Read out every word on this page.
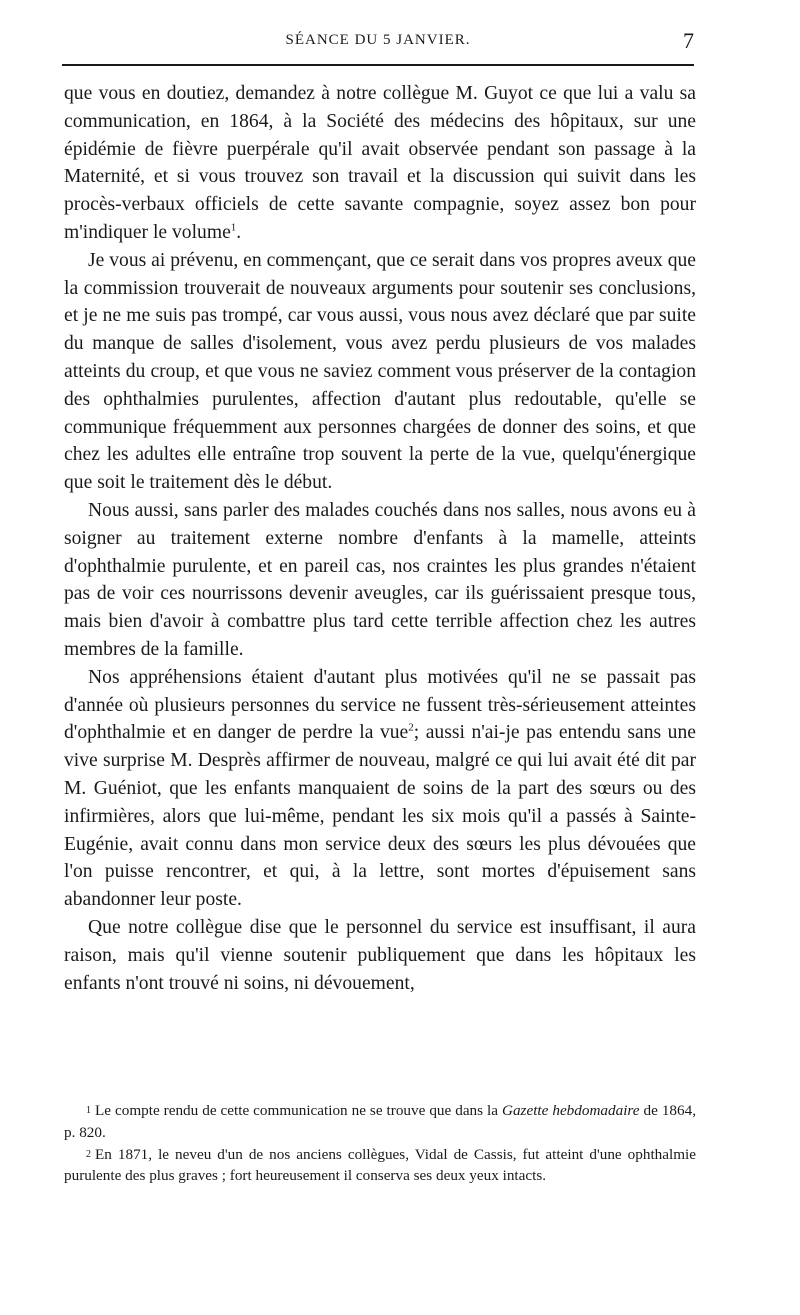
SÉANCE DU 5 JANVIER.	7

que vous en doutiez, demandez à notre collègue M. Guyot ce que lui a valu sa communication, en 1864, à la Société des médecins des hôpitaux, sur une épidémie de fièvre puerpérale qu'il avait observée pendant son passage à la Maternité, et si vous trouvez son travail et la discussion qui suivit dans les procès-verbaux officiels de cette savante compagnie, soyez assez bon pour m'indiquer le volume$^1$.

Je vous ai prévenu, en commençant, que ce serait dans vos propres aveux que la commission trouverait de nouveaux arguments pour soutenir ses conclusions, et je ne me suis pas trompé, car vous aussi, vous nous avez déclaré que par suite du manque de salles d'isolement, vous avez perdu plusieurs de vos malades atteints du croup, et que vous ne saviez comment vous préserver de la contagion des ophthalmies purulentes, affection d'autant plus redoutable, qu'elle se communique fréquemment aux personnes chargées de donner des soins, et que chez les adultes elle entraîne trop souvent la perte de la vue, quelqu'énergique que soit le traitement dès le début.

Nous aussi, sans parler des malades couchés dans nos salles, nous avons eu à soigner au traitement externe nombre d'enfants à la mamelle, atteints d'ophthalmie purulente, et en pareil cas, nos craintes les plus grandes n'étaient pas de voir ces nourrissons devenir aveugles, car ils guérissaient presque tous, mais bien d'avoir à combattre plus tard cette terrible affection chez les autres membres de la famille.

Nos appréhensions étaient d'autant plus motivées qu'il ne se passait pas d'année où plusieurs personnes du service ne fussent très-sérieusement atteintes d'ophthalmie et en danger de perdre la vue$^2$; aussi n'ai-je pas entendu sans une vive surprise M. Desprès affirmer de nouveau, malgré ce qui lui avait été dit par M. Guéniot, que les enfants manquaient de soins de la part des sœurs ou des infirmières, alors que lui-même, pendant les six mois qu'il a passés à Sainte-Eugénie, avait connu dans mon service deux des sœurs les plus dévouées que l'on puisse rencontrer, et qui, à la lettre, sont mortes d'épuisement sans abandonner leur poste.

Que notre collègue dise que le personnel du service est insuffisant, il aura raison, mais qu'il vienne soutenir publiquement que dans les hôpitaux les enfants n'ont trouvé ni soins, ni dévouement,

$^1$ Le compte rendu de cette communication ne se trouve que dans la Gazette hebdomadaire de 1864, p. 820.

$^2$ En 1871, le neveu d'un de nos anciens collègues, Vidal de Cassis, fut atteint d'une ophthalmie purulente des plus graves ; fort heureusement il conserva ses deux yeux intacts.
